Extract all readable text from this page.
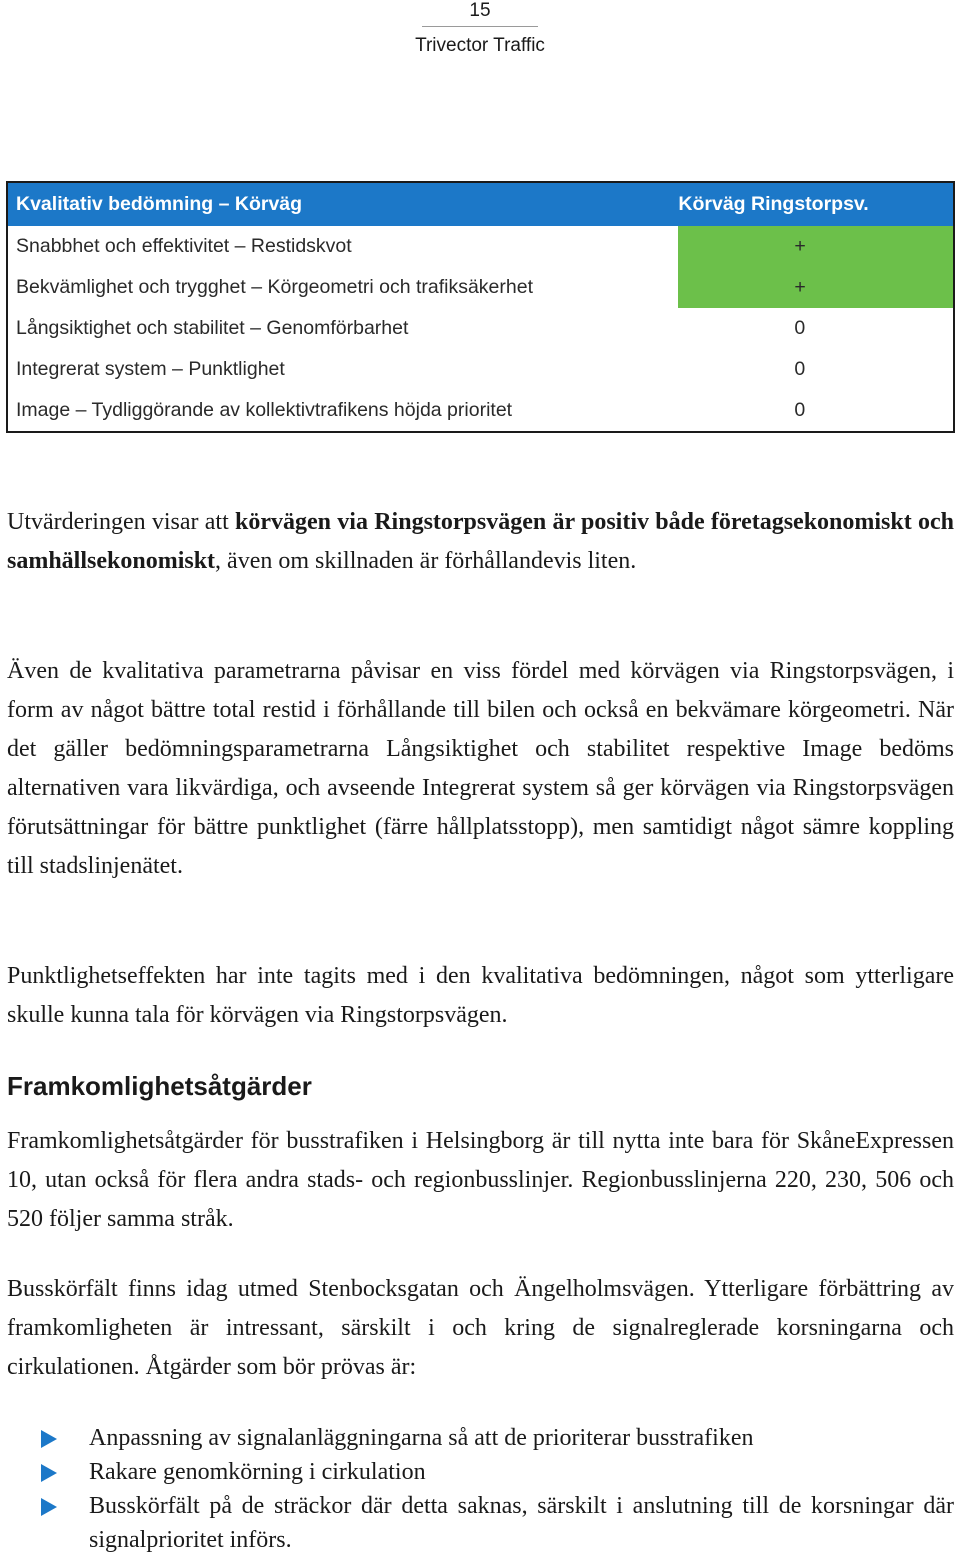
15
Trivector Traffic
Kvalitativ bedömning – Körväg	Körväg Ringstorpsv.
Snabbhet och effektivitet – Restidskvot	+
Bekvämlighet och trygghet – Körgeometri och trafiksäkerhet	+
Långsiktighet och stabilitet – Genomförbarhet	0
Integrerat system – Punktlighet	0
Image – Tydliggörande av kollektivtrafikens höjda prioritet	0

Utvärderingen visar att körvägen via Ringstorpsvägen är positiv både företagsekonomiskt och samhällsekonomiskt, även om skillnaden är förhållandevis liten.

Även de kvalitativa parametrarna påvisar en viss fördel med körvägen via Ringstorpsvägen, i form av något bättre total restid i förhållande till bilen och också en bekvämare körgeometri. När det gäller bedömningsparametrarna Långsiktighet och stabilitet respektive Image bedöms alternativen vara likvärdiga, och avseende Integrerat system så ger körvägen via Ringstorpsvägen förutsättningar för bättre punktlighet (färre hållplatsstopp), men samtidigt något sämre koppling till stadslinjenätet.

Punktlighetseffekten har inte tagits med i den kvalitativa bedömningen, något som ytterligare skulle kunna tala för körvägen via Ringstorpsvägen.

Framkomlighetsåtgärder

Framkomlighetsåtgärder för busstrafiken i Helsingborg är till nytta inte bara för SkåneExpressen 10, utan också för flera andra stads- och regionbusslinjer. Regionbusslinjerna 220, 230, 506 och 520 följer samma stråk.

Busskörfält finns idag utmed Stenbocksgatan och Ängelholmsvägen. Ytterligare förbättring av framkomligheten är intressant, särskilt i och kring de signalreglerade korsningarna och cirkulationen. Åtgärder som bör prövas är:

Anpassning av signalanläggningarna så att de prioriterar busstrafiken
Rakare genomkörning i cirkulation
Busskörfält på de sträckor där detta saknas, särskilt i anslutning till de korsningar där signalprioritet införs.
